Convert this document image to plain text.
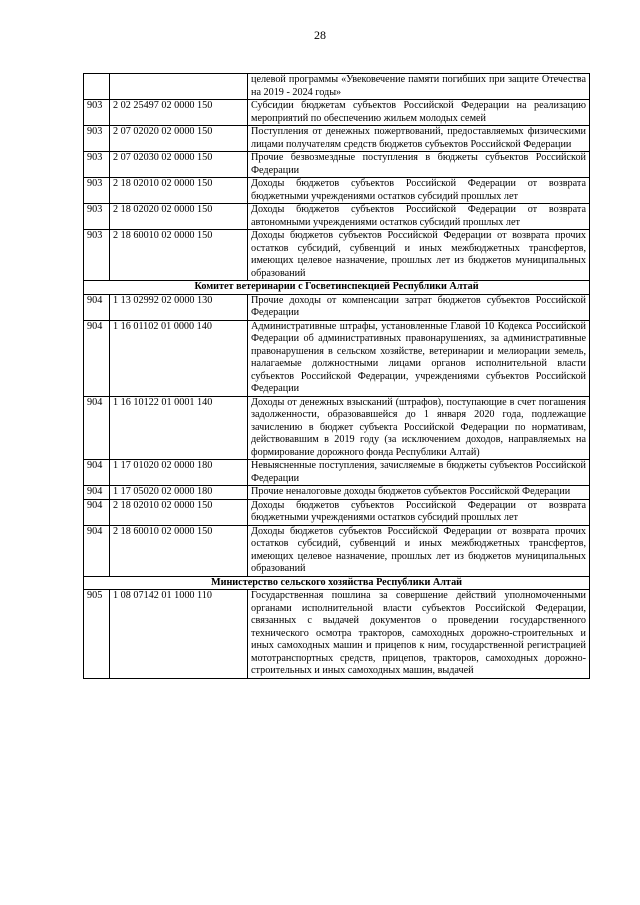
28
		целевой программы «Увековечение памяти погибших при защите Отечества на 2019 - 2024 годы»
903	2 02 25497 02 0000 150	Субсидии бюджетам субъектов Российской Федерации на реализацию мероприятий по обеспечению жильем молодых семей
903	2 07 02020 02 0000 150	Поступления от денежных пожертвований, предоставляемых физическими лицами получателям средств бюджетов субъектов Российской Федерации
903	2 07 02030 02 0000 150	Прочие безвозмездные поступления в бюджеты субъектов Российской Федерации
903	2 18 02010 02 0000 150	Доходы бюджетов субъектов Российской Федерации от возврата бюджетными учреждениями остатков субсидий прошлых лет
903	2 18 02020 02 0000 150	Доходы бюджетов субъектов Российской Федерации от возврата автономными учреждениями остатков субсидий прошлых лет
903	2 18 60010 02 0000 150	Доходы бюджетов субъектов Российской Федерации от возврата прочих остатков субсидий, субвенций и иных межбюджетных трансфертов, имеющих целевое назначение, прошлых лет из бюджетов муниципальных образований
Комитет ветеринарии с Госветинспекцией Республики Алтай		
904	1 13 02992 02 0000 130	Прочие доходы от компенсации затрат бюджетов субъектов Российской Федерации
904	1 16 01102 01 0000 140	Административные штрафы, установленные Главой 10 Кодекса Российской Федерации об административных правонарушениях, за административные правонарушения в сельском хозяйстве, ветеринарии и мелиорации земель, налагаемые должностными лицами органов исполнительной власти субъектов Российской Федерации, учреждениями субъектов Российской Федерации
904	1 16 10122 01 0001 140	Доходы от денежных взысканий (штрафов), поступающие в счет погашения задолженности, образовавшейся до 1 января 2020 года, подлежащие зачислению в бюджет субъекта Российской Федерации по нормативам, действовавшим в 2019 году (за исключением доходов, направляемых на формирование дорожного фонда Республики Алтай)
904	1 17 01020 02 0000 180	Невыясненные поступления, зачисляемые в бюджеты субъектов Российской Федерации
904	1 17 05020 02 0000 180	Прочие неналоговые доходы бюджетов субъектов Российской Федерации
904	2 18 02010 02 0000 150	Доходы бюджетов субъектов Российской Федерации от возврата бюджетными учреждениями остатков субсидий прошлых лет
904	2 18 60010 02 0000 150	Доходы бюджетов субъектов Российской Федерации от возврата прочих остатков субсидий, субвенций и иных межбюджетных трансфертов, имеющих целевое назначение, прошлых лет из бюджетов муниципальных образований
Министерство сельского хозяйства Республики Алтай		
905	1 08 07142 01 1000 110	Государственная пошлина за совершение действий уполномоченными органами исполнительной власти субъектов Российской Федерации, связанных с выдачей документов о проведении государственного технического осмотра тракторов, самоходных дорожно-строительных и иных самоходных машин и прицепов к ним, государственной регистрацией мототранспортных средств, прицепов, тракторов, самоходных дорожно-строительных и иных самоходных машин, выдачей
